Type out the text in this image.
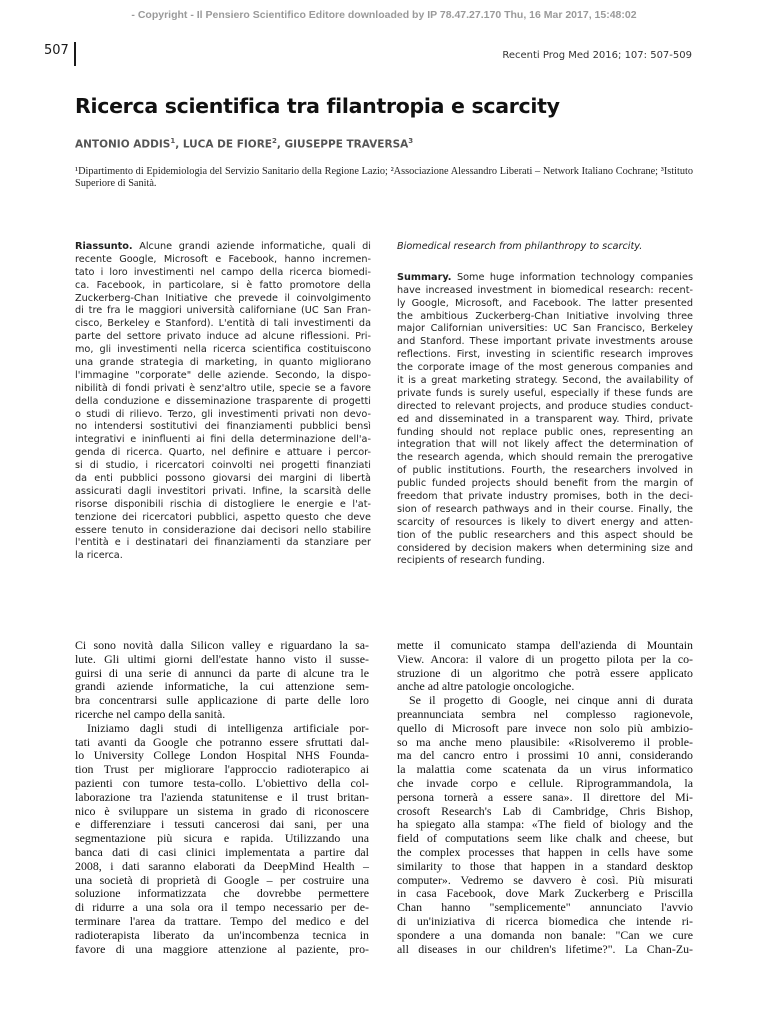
- Copyright - Il Pensiero Scientifico Editore downloaded by IP 78.47.27.170 Thu, 16 Mar 2017, 15:48:02
507	Recenti Prog Med 2016; 107: 507-509
Ricerca scientifica tra filantropia e scarcity
ANTONIO ADDIS$^1$, LUCA DE FIORE$^2$, GIUSEPPE TRAVERSA$^3$
¹Dipartimento di Epidemiologia del Servizio Sanitario della Regione Lazio; ²Associazione Alessandro Liberati – Network Italiano Cochrane; ³Istituto Superiore di Sanità.
Riassunto. Alcune grandi aziende informatiche, quali di
recente Google, Microsoft e Facebook, hanno incremen-
tato i loro investimenti nel campo della ricerca biomedi-
ca. Facebook, in particolare, si è fatto promotore della
Zuckerberg-Chan Initiative che prevede il coinvolgimento
di tre fra le maggiori università californiane (UC San Fran-
cisco, Berkeley e Stanford). L'entità di tali investimenti da
parte del settore privato induce ad alcune riflessioni. Pri-
mo, gli investimenti nella ricerca scientifica costituiscono
una grande strategia di marketing, in quanto migliorano
l'immagine "corporate" delle aziende. Secondo, la dispo-
nibilità di fondi privati è senz'altro utile, specie se a favore
della conduzione e disseminazione trasparente di progetti
o studi di rilievo. Terzo, gli investimenti privati non devo-
no intendersi sostitutivi dei finanziamenti pubblici bensì
integrativi e ininfluenti ai fini della determinazione dell'a-
genda di ricerca. Quarto, nel definire e attuare i percor-
si di studio, i ricercatori coinvolti nei progetti finanziati
da enti pubblici possono giovarsi dei margini di libertà
assicurati dagli investitori privati. Infine, la scarsità delle
risorse disponibili rischia di distogliere le energie e l'at-
tenzione dei ricercatori pubblici, aspetto questo che deve
essere tenuto in considerazione dai decisori nello stabilire
l'entità e i destinatari dei finanziamenti da stanziare per
la ricerca.
Biomedical research from philanthropy to scarcity.
Summary. Some huge information technology companies
have increased investment in biomedical research: recent-
ly Google, Microsoft, and Facebook. The latter presented
the ambitious Zuckerberg-Chan Initiative involving three
major Californian universities: UC San Francisco, Berkeley
and Stanford. These important private investments arouse
reflections. First, investing in scientific research improves
the corporate image of the most generous companies and
it is a great marketing strategy. Second, the availability of
private funds is surely useful, especially if these funds are
directed to relevant projects, and produce studies conduct-
ed and disseminated in a transparent way. Third, private
funding should not replace public ones, representing an
integration that will not likely affect the determination of
the research agenda, which should remain the prerogative
of public institutions. Fourth, the researchers involved in
public funded projects should benefit from the margin of
freedom that private industry promises, both in the deci-
sion of research pathways and in their course. Finally, the
scarcity of resources is likely to divert energy and atten-
tion of the public researchers and this aspect should be
considered by decision makers when determining size and
recipients of research funding.
Ci sono novità dalla Silicon valley e riguardano la sa-
lute. Gli ultimi giorni dell'estate hanno visto il susse-
guirsi di una serie di annunci da parte di alcune tra le
grandi aziende informatiche, la cui attenzione sem-
bra concentrarsi sulle applicazione di parte delle loro
ricerche nel campo della sanità.
Iniziamo dagli studi di intelligenza artificiale por-
tati avanti da Google che potranno essere sfruttati dal-
lo University College London Hospital NHS Founda-
tion Trust per migliorare l'approccio radioterapico ai
pazienti con tumore testa-collo. L'obiettivo della col-
laborazione tra l'azienda statunitense e il trust britan-
nico è sviluppare un sistema in grado di riconoscere
e differenziare i tessuti cancerosi dai sani, per una
segmentazione più sicura e rapida. Utilizzando una
banca dati di casi clinici implementata a partire dal
2008, i dati saranno elaborati da DeepMind Health –
una società di proprietà di Google – per costruire una
soluzione informatizzata che dovrebbe permettere
di ridurre a una sola ora il tempo necessario per de-
terminare l'area da trattare. Tempo del medico e del
radioterapista liberato da un'incombenza tecnica in
favore di una maggiore attenzione al paziente, pro-
mette il comunicato stampa dell'azienda di Mountain
View. Ancora: il valore di un progetto pilota per la co-
struzione di un algoritmo che potrà essere applicato
anche ad altre patologie oncologiche.
Se il progetto di Google, nei cinque anni di durata
preannunciata sembra nel complesso ragionevole,
quello di Microsoft pare invece non solo più ambizio-
so ma anche meno plausibile: «Risolveremo il proble-
ma del cancro entro i prossimi 10 anni, considerando
la malattia come scatenata da un virus informatico
che invade corpo e cellule. Riprogrammandola, la
persona tornerà a essere sana». Il direttore del Mi-
crosoft Research's Lab di Cambridge, Chris Bishop,
ha spiegato alla stampa: «The field of biology and the
field of computations seem like chalk and cheese, but
the complex processes that happen in cells have some
similarity to those that happen in a standard desktop
computer». Vedremo se davvero è così. Più misurati
in casa Facebook, dove Mark Zuckerberg e Priscilla
Chan hanno "semplicemente" annunciato l'avvio
di un'iniziativa di ricerca biomedica che intende ri-
spondere a una domanda non banale: "Can we cure
all diseases in our children's lifetime?". La Chan-Zu-
